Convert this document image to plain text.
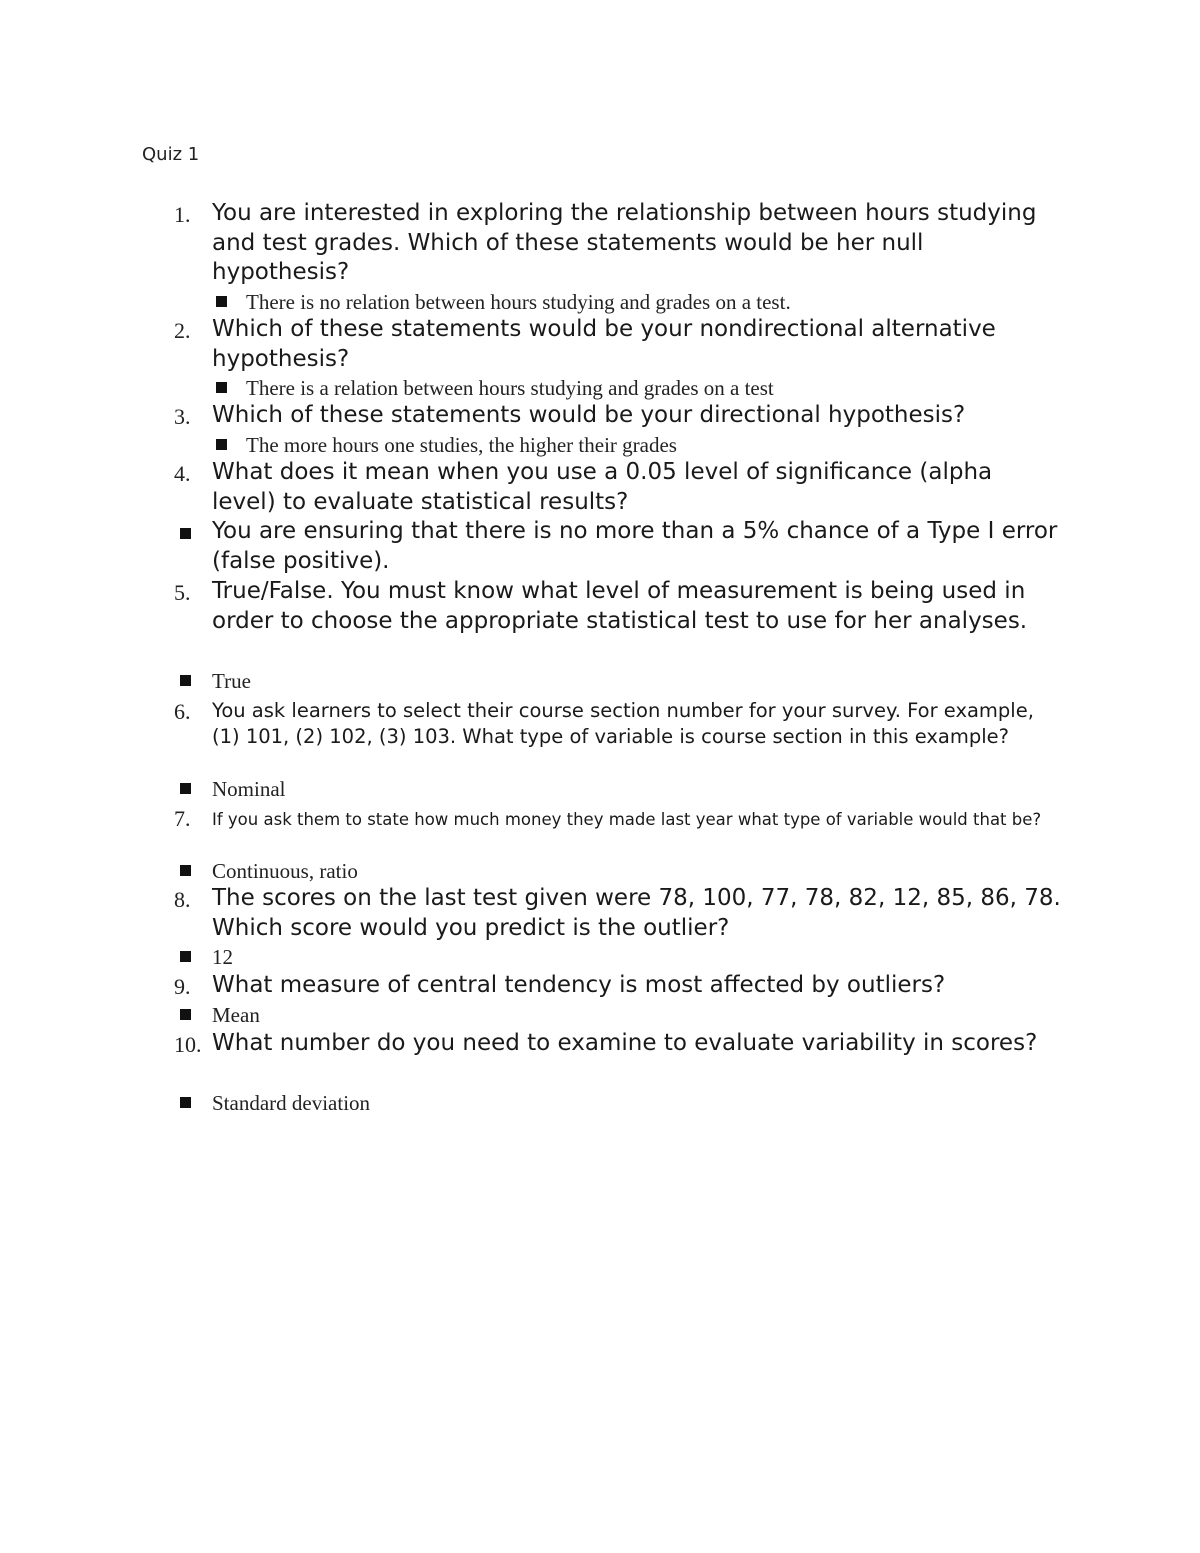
Quiz 1
1. You are interested in exploring the relationship between hours studying and test grades. Which of these statements would be her null hypothesis?
There is no relation between hours studying and grades on a test.
2. Which of these statements would be your nondirectional alternative hypothesis?
There is a relation between hours studying and grades on a test
3. Which of these statements would be your directional hypothesis?
The more hours one studies, the higher their grades
4. What does it mean when you use a 0.05 level of significance (alpha level) to evaluate statistical results?
You are ensuring that there is no more than a 5% chance of a Type I error (false positive).
5. True/False. You must know what level of measurement is being used in order to choose the appropriate statistical test to use for her analyses.
True
6. You ask learners to select their course section number for your survey. For example, (1) 101, (2) 102, (3) 103. What type of variable is course section in this example?
Nominal
7. If you ask them to state how much money they made last year what type of variable would that be?
Continuous, ratio
8. The scores on the last test given were 78, 100, 77, 78, 82, 12, 85, 86, 78. Which score would you predict is the outlier?
12
9. What measure of central tendency is most affected by outliers?
Mean
10. What number do you need to examine to evaluate variability in scores?
Standard deviation
